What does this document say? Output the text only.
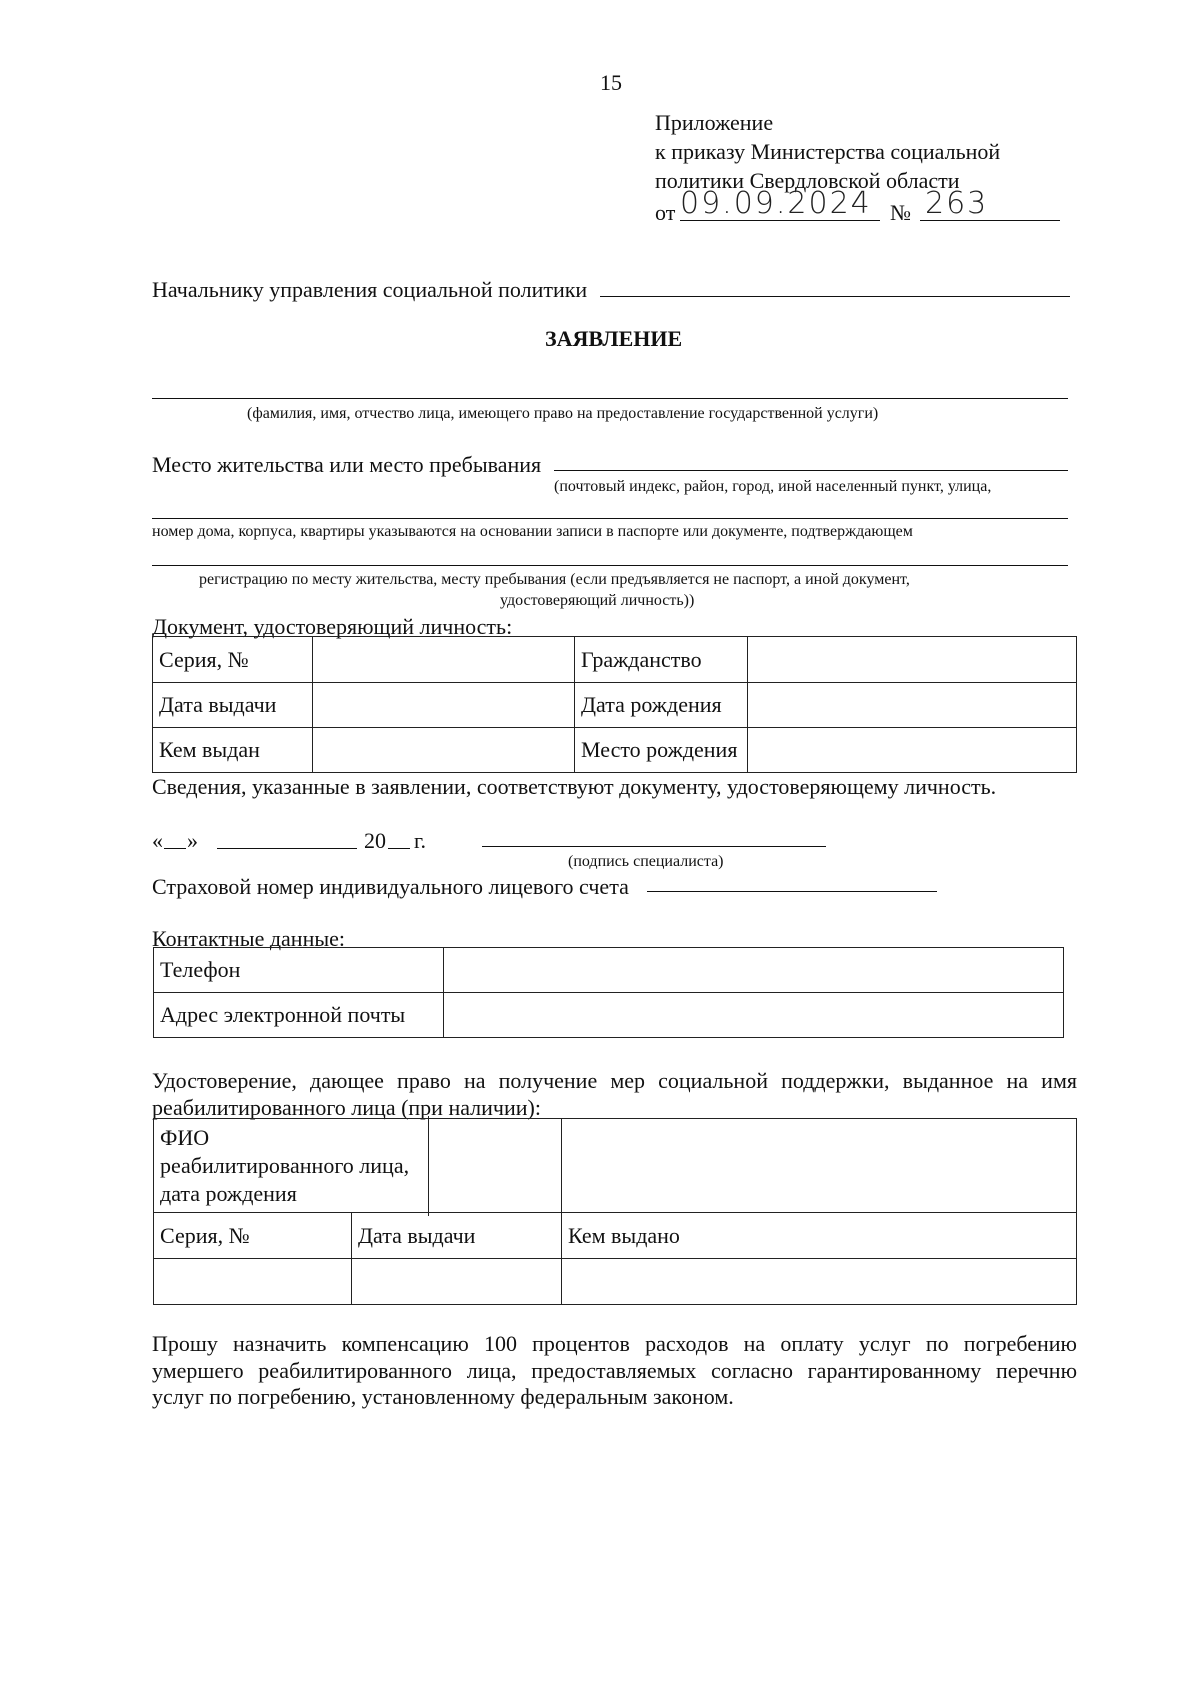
15
Приложение
к приказу Министерства социальной
политики Свердловской области
от 09.09.2024 № 263
Начальнику управления социальной политики
ЗАЯВЛЕНИЕ
(фамилия, имя, отчество лица, имеющего право на предоставление государственной услуги)
Место жительства или место пребывания
(почтовый индекс, район, город, иной населенный пункт, улица,
номер дома, корпуса, квартиры указываются на основании записи в паспорте или документе, подтверждающем
регистрацию по месту жительства, месту пребывания (если предъявляется не паспорт, а иной документ,
удостоверяющий личность))
Документ, удостоверяющий личность:
Серия, №		Гражданство	
Дата выдачи		Дата рождения	
Кем выдан		Место рождения	
Сведения, указанные в заявлении, соответствуют документу, удостоверяющему личность.
« »	20 г.
(подпись специалиста)
Страховой номер индивидуального лицевого счета
Контактные данные:
Телефон	
Адрес электронной почты	
Удостоверение, дающее право на получение мер социальной поддержки, выданное на имя
реабилитированного лица (при наличии):
ФИО
реабилитированного лица,
дата рождения		

Серия, №	Дата выдачи	Кем выдано

Прошу назначить компенсацию 100 процентов расходов на оплату услуг по погребению
умершего реабилитированного лица, предоставляемых согласно гарантированному перечню
услуг по погребению, установленному федеральным законом.
